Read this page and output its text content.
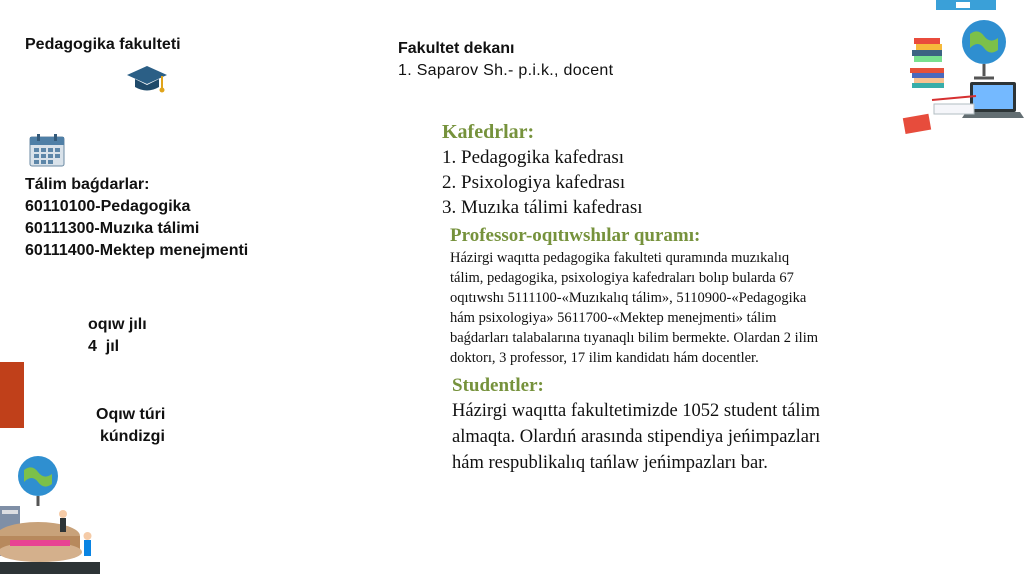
Pedagogika fakulteti
Tálim baǵdarlar:
60110100-Pedagogika
60111300-Muzıka tálimi
60111400-Mektep menejmenti
oqıw jılı
4  jıl
Oqıw túri
kúndizgi
Fakultet dekanı
1. Saparov Sh.- p.i.k., docent
Kafedrlar:
1. Pedagogika kafedrası
2. Psixologiya kafedrası
3. Muzıka tálimi kafedrası
Professor-oqıtıwshılar quramı:
Házirgi waqıtta pedagogika fakulteti quramında muzıkalıq
tálim, pedagogika, psixologiya kafedraları bolıp bularda 67
oqıtıwshı 5111100-«Muzıkalıq tálim», 5110900-«Pedagogika
hám psixologiya» 5611700-«Mektep menejmenti» tálim
baǵdarları talabalarına tıyanaqlı bilim bermekte. Olardan 2 ilim
doktorı, 3 professor, 17 ilim kandidatı hám docentler.
Studentler:
Házirgi waqıtta fakultetimizde 1052 student tálim
almaqta. Olardıń arasında stipendiya jeńimpazları
hám respublikalıq tańlaw jeńimpazları bar.
